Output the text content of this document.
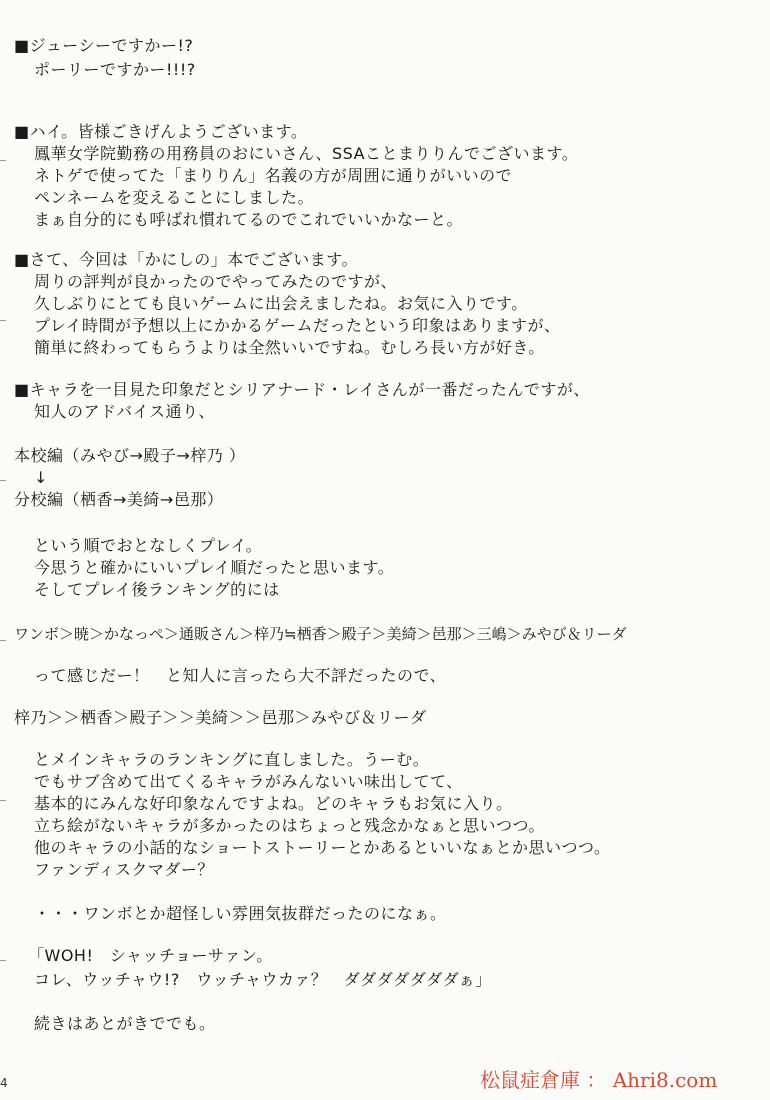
■ジューシーですかー!?
ポーリーですかー!!!?
■ハイ。皆様ごきげんようございます。
鳳華女学院勤務の用務員のおにいさん、SSAことまりりんでございます。
ネトゲで使ってた「まりりん」名義の方が周囲に通りがいいので
ペンネームを変えることにしました。
まぁ自分的にも呼ばれ慣れてるのでこれでいいかなーと。
■さて、今回は「かにしの」本でございます。
周りの評判が良かったのでやってみたのですが、
久しぶりにとても良いゲームに出会えましたね。お気に入りです。
プレイ時間が予想以上にかかるゲームだったという印象はありますが、
簡単に終わってもらうよりは全然いいですね。むしろ長い方が好き。
■キャラを一目見た印象だとシリアナード・レイさんが一番だったんですが、
知人のアドバイス通り、
本校編（みやび→殿子→梓乃 ）
↓
分校編（栖香→美綺→邑那）
という順でおとなしくプレイ。
今思うと確かにいいプレイ順だったと思います。
そしてプレイ後ランキング的には
ワンボ＞暁＞かなっぺ＞通販さん＞梓乃≒栖香＞殿子＞美綺＞邑那＞三嶋＞みやび＆リーダ
って感じだー！　と知人に言ったら大不評だったので、
梓乃＞＞栖香＞殿子＞＞美綺＞＞邑那＞みやび＆リーダ
とメインキャラのランキングに直しました。うーむ。
でもサブ含めて出てくるキャラがみんないい味出してて、
基本的にみんな好印象なんですよね。どのキャラもお気に入り。
立ち絵がないキャラが多かったのはちょっと残念かなぁと思いつつ。
他のキャラの小話的なショートストーリーとかあるといいなぁとか思いつつ。
ファンディスクマダー？
・・・ワンボとか超怪しい雰囲気抜群だったのになぁ。
「WOH!　シャッチョーサァン。
コレ、ウッチャウ!?　ウッチャウカァ？　ダダダダダダダぁ」
続きはあとがきででも。
4	松鼠症倉庫 ： Ahri8.com
